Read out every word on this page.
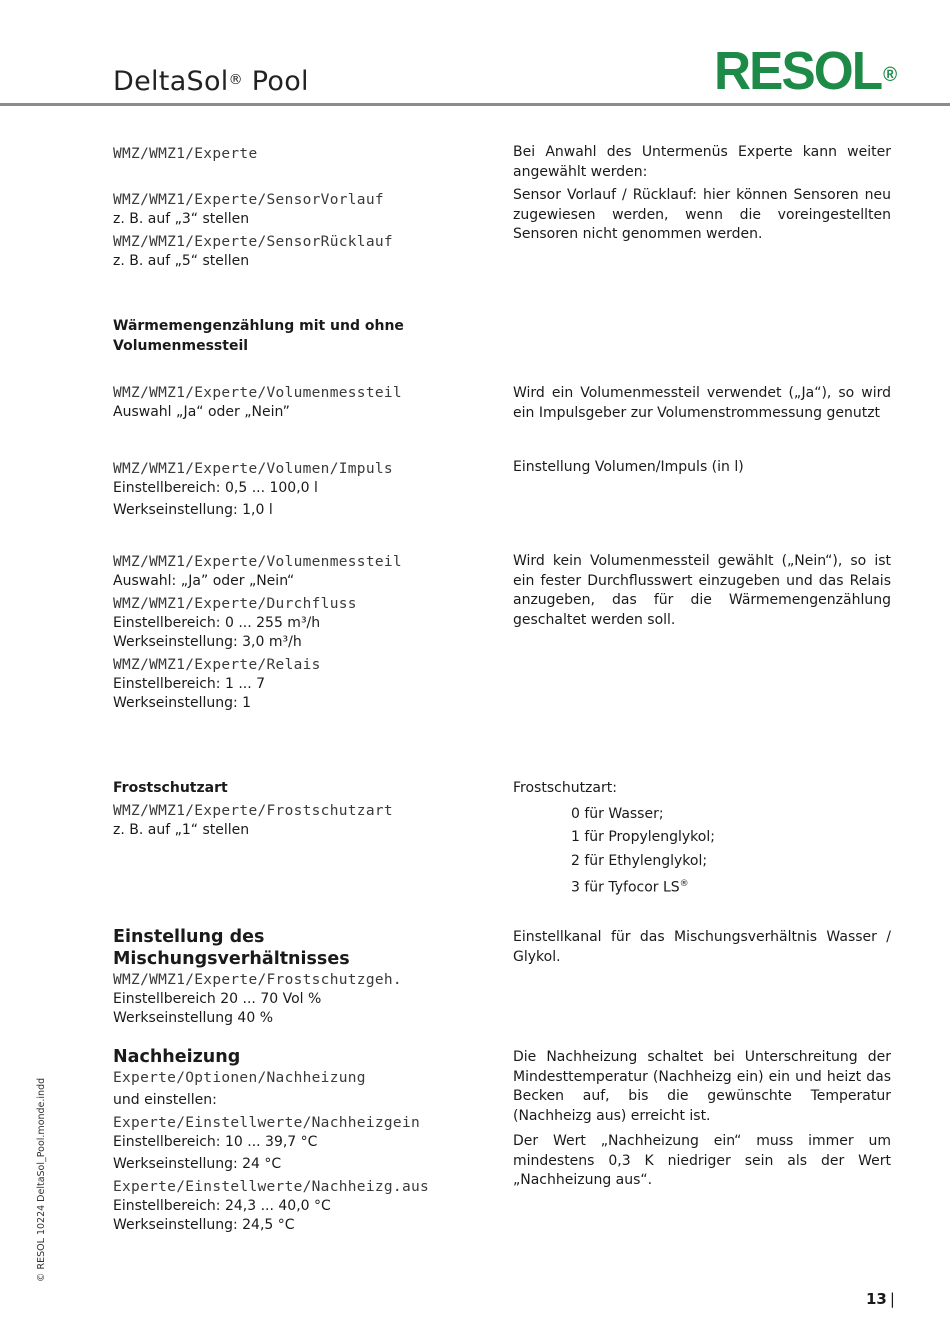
DeltaSol® Pool	RESOL®
WMZ/WMZ1/Experte
WMZ/WMZ1/Experte/SensorVorlauf
z. B. auf „3“ stellen
WMZ/WMZ1/Experte/SensorRücklauf
z. B. auf „5“ stellen

Bei Anwahl des Untermenüs Experte kann weiter angewählt werden:

Sensor Vorlauf / Rücklauf: hier können Sensoren neu zugewiesen werden, wenn die voreingestellten Sensoren nicht genommen werden.

Wärmemengenzählung mit und ohne Volumenmessteil
WMZ/WMZ1/Experte/Volumenmessteil
Auswahl „Ja“ oder „Nein”
Wird ein Volumenmessteil verwendet („Ja“), so wird ein Impulsgeber zur Volumenstrommessung genutzt
WMZ/WMZ1/Experte/Volumen/Impuls
Einstellbereich: 0,5 ... 100,0 l
Werkseinstellung: 1,0 l
Einstellung Volumen/Impuls (in l)
WMZ/WMZ1/Experte/Volumenmessteil
Auswahl: „Ja” oder „Nein“
WMZ/WMZ1/Experte/Durchfluss
Einstellbereich: 0 ... 255 m³/h
Werkseinstellung: 3,0 m³/h
WMZ/WMZ1/Experte/Relais
Einstellbereich: 1 ... 7
Werkseinstellung: 1
Wird kein Volumenmessteil gewählt („Nein“), so ist ein fester Durchflusswert einzugeben und das Relais anzugeben, das für die Wärmemengenzählung geschaltet werden soll.
Frostschutzart
WMZ/WMZ1/Experte/Frostschutzart
z. B. auf „1“ stellen
Frostschutzart:
0 für Wasser;
1 für Propylenglykol;
2 für Ethylenglykol;
3 für Tyfocor LS®
Einstellung des Mischungsverhältnisses
WMZ/WMZ1/Experte/Frostschutzgeh.
Einstellbereich 20 ... 70 Vol %
Werkseinstellung 40 %
Einstellkanal für das Mischungsverhältnis Wasser / Glykol.
Nachheizung
Experte/Optionen/Nachheizung
und einstellen:
Experte/Einstellwerte/Nachheizgein
Einstellbereich: 10 ... 39,7 °C
Werkseinstellung: 24 °C
Experte/Einstellwerte/Nachheizg.aus
Einstellbereich: 24,3 ... 40,0 °C
Werkseinstellung: 24,5 °C

Die Nachheizung schaltet bei Unterschreitung der Mindesttemperatur (Nachheizg ein) ein und heizt das Becken auf, bis die gewünschte Temperatur (Nachheizg aus) erreicht ist.

Der Wert „Nachheizung ein“ muss immer um mindestens 0,3 K niedriger sein als der Wert „Nachheizung aus“.

© RESOL 10224 DeltaSol_Pool.monde.indd
13 |
